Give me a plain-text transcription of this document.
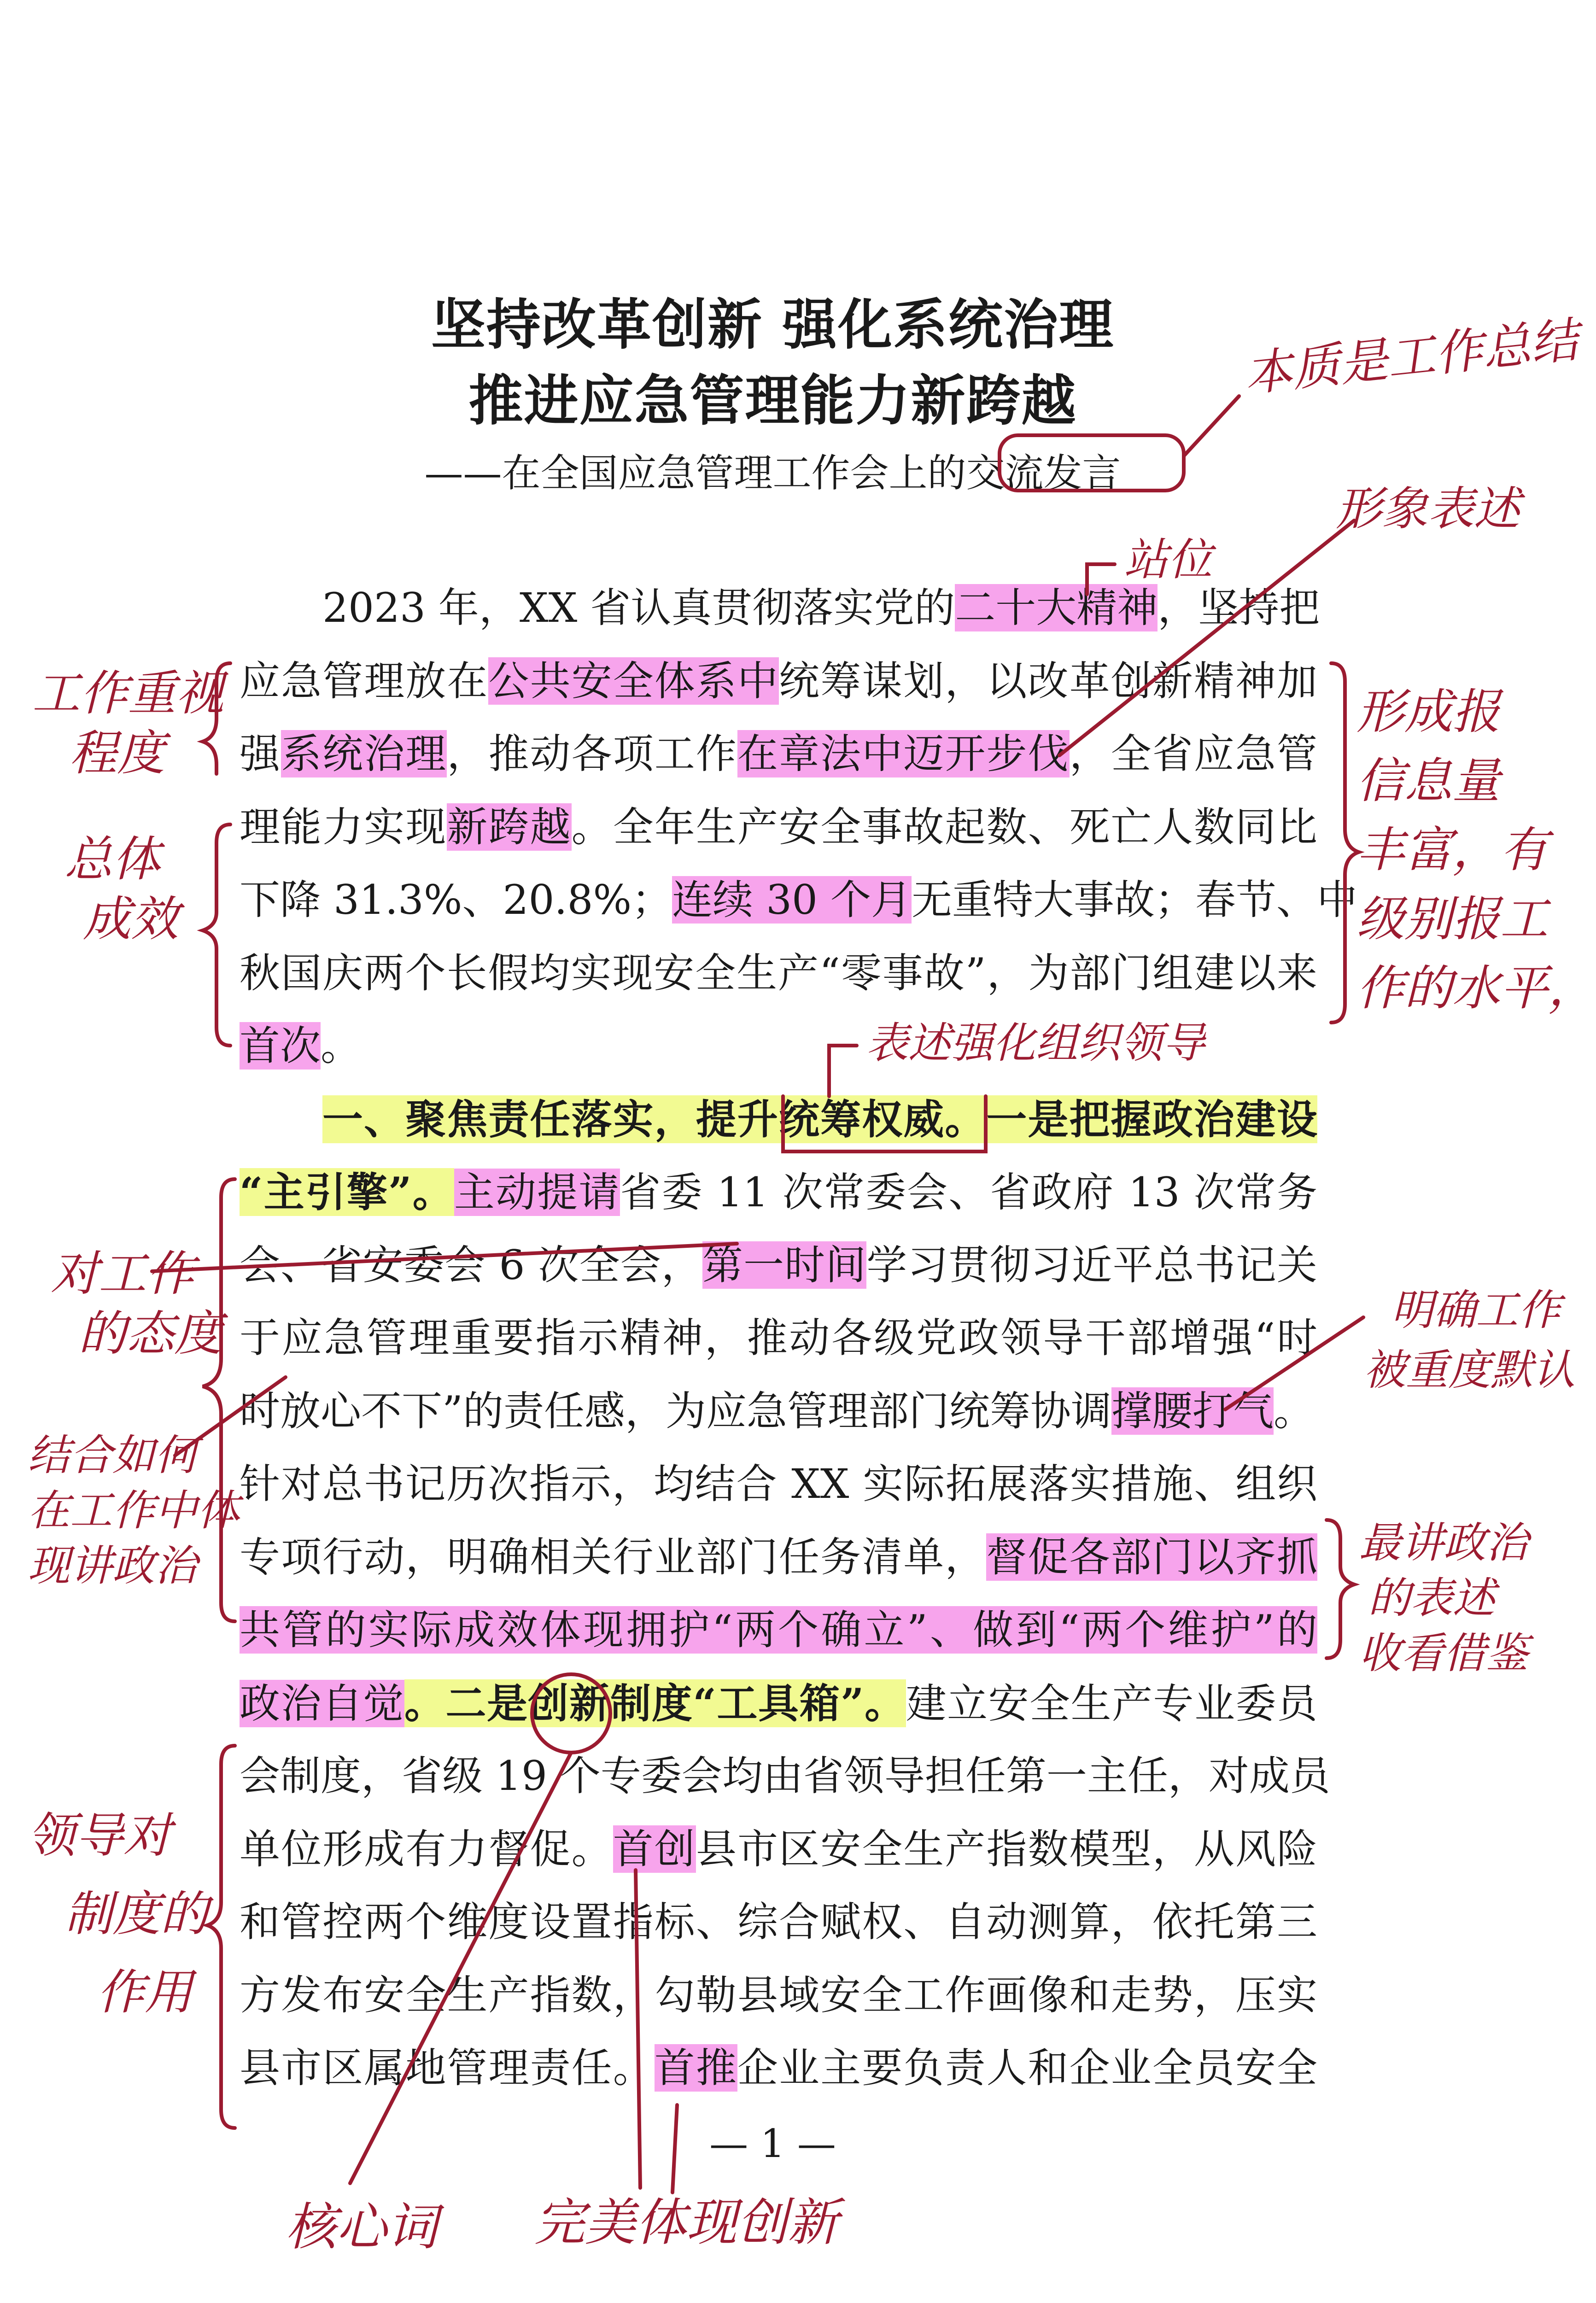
坚持改革创新 强化系统治理
推进应急管理能力新跨越
——在全国应急管理工作会上的交流发言
2023 年，XX 省认真贯彻落实党的二十大精神，坚持把
应急管理放在公共安全体系中统筹谋划，以改革创新精神加
强系统治理，推动各项工作在章法中迈开步伐，全省应急管
理能力实现新跨越。全年生产安全事故起数、死亡人数同比
下降 31.3%、20.8%；连续 30 个月无重特大事故；春节、中
秋国庆两个长假均实现安全生产“零事故”，为部门组建以来
首次。
一、聚焦责任落实，提升统筹权威。一是把握政治建设
“主引擎”。主动提请省委 11 次常委会、省政府 13 次常务
会、省安委会 6 次全会，第一时间学习贯彻习近平总书记关
于应急管理重要指示精神，推动各级党政领导干部增强“时
时放心不下”的责任感，为应急管理部门统筹协调撑腰打气。
针对总书记历次指示，均结合 XX 实际拓展落实措施、组织
专项行动，明确相关行业部门任务清单，督促各部门以齐抓
共管的实际成效体现拥护“两个确立”、做到“两个维护”的
政治自觉。二是创新制度“工具箱”。建立安全生产专业委员
会制度，省级 19 个专委会均由省领导担任第一主任，对成员
单位形成有力督促。首创县市区安全生产指数模型，从风险
和管控两个维度设置指标、综合赋权、自动测算，依托第三
方发布安全生产指数，勾勒县域安全工作画像和走势，压实
县市区属地管理责任。首推企业主要负责人和企业全员安全
— 1 —
本质是工作总结
站位
形象表述
工作重视
程度
总体
成效
形成报
信息量
丰富，有
级别报工
作的水平，
表述强化组织领导
对工作
的态度	明确工作
被重度默认
结合如何
在工作中体
现讲政治	最讲政治
的表述
收看借鉴
领导对
制度的
作用
核心词 完美体现创新
